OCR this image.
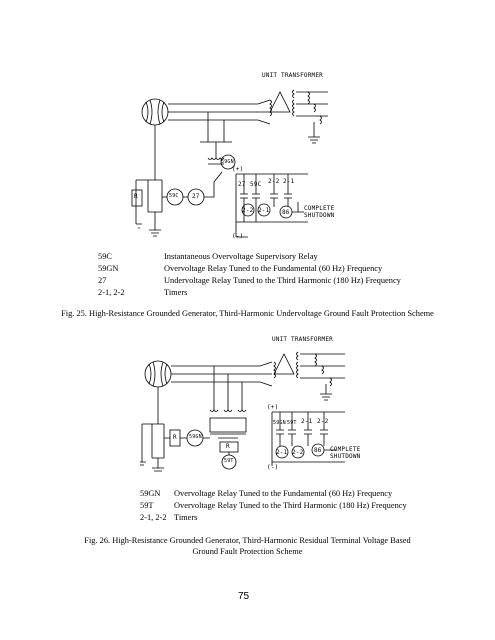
UNIT TRANSFORMER
59GN
R	59C 27
(+)
(-)
27 59C 2-2 2-1
2-2 2-1 86
COMPLETE SHUTDOWN
59C	Instantaneous Overvoltage Supervisory Relay
59GN	Overvoltage Relay Tuned to the Fundamental (60 Hz) Frequency
27	Undervoltage Relay Tuned to the Third Harmonic (180 Hz) Frequency
2-1, 2-2	Timers
Fig. 25. High-Resistance Grounded Generator, Third-Harmonic Undervoltage Ground Fault Protection Scheme
UNIT TRANSFORMER
R 59GN
R
59T
(+)
(-)
59GN 59T 2-1 2-2
2-1 2-2 86 COMPLETE SHUTDOWN
59GN	Overvoltage Relay Tuned to the Fundamental (60 Hz) Frequency
59T	Overvoltage Relay Tuned to the Third Harmonic (180 Hz) Frequency
2-1, 2-2 Timers
Fig. 26. High-Resistance Grounded Generator, Third-Harmonic Residual Terminal Voltage Based
Ground Fault Protection Scheme
75
